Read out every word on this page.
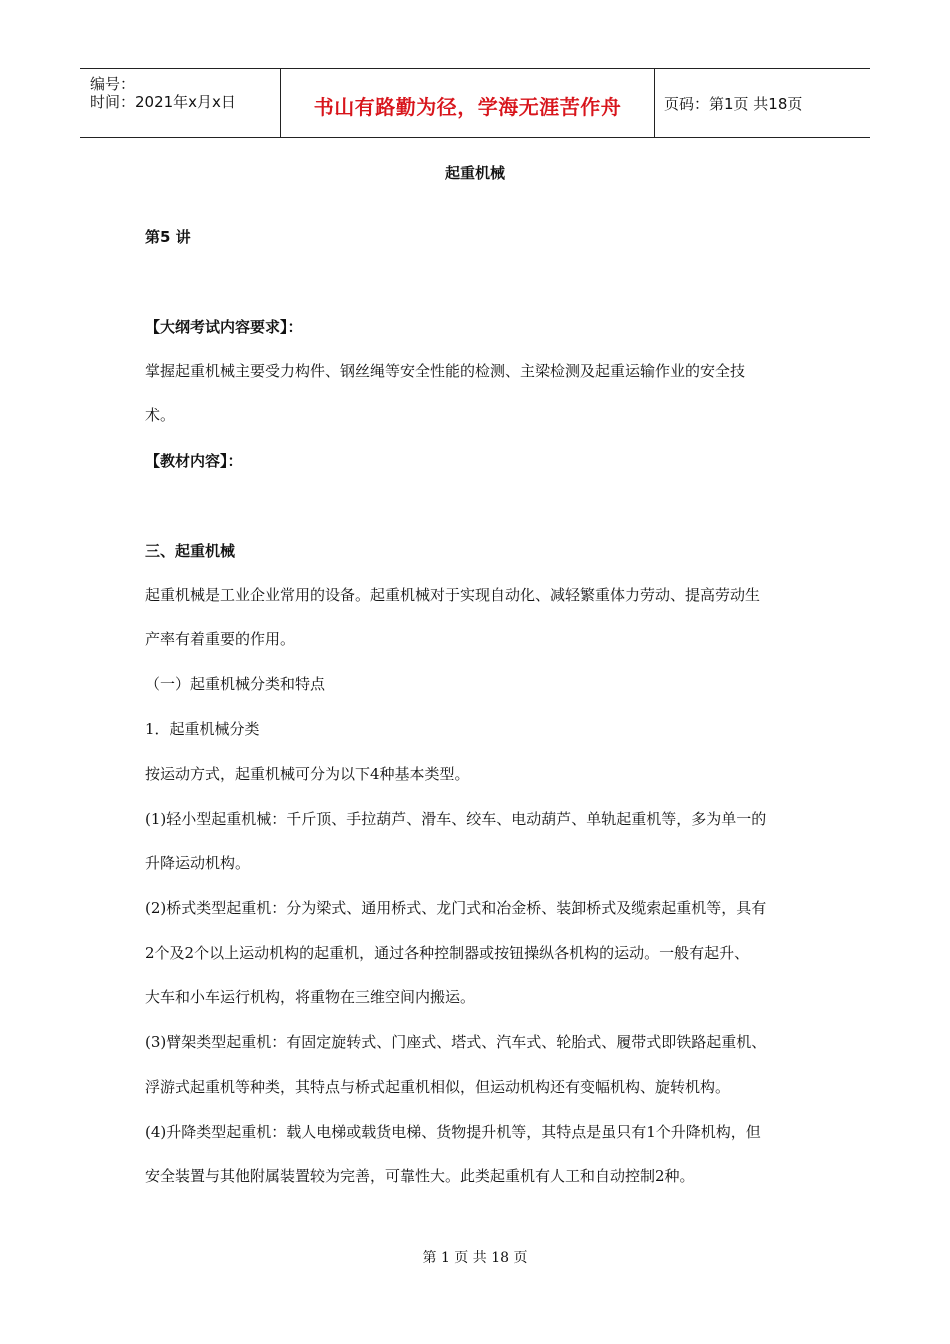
编号：
时间：2021年x月x日	书山有路勤为径，学海无涯苦作舟	页码：第1页 共18页
起重机械
第5 讲
【大纲考试内容要求】：
掌握起重机械主要受力构件、钢丝绳等安全性能的检测、主梁检测及起重运输作业的安全技
术。
【教材内容】：
三、起重机械
起重机械是工业企业常用的设备。起重机械对于实现自动化、减轻繁重体力劳动、提高劳动生
产率有着重要的作用。
（一）起重机械分类和特点
1．起重机械分类
按运动方式，起重机械可分为以下4种基本类型。
(1)轻小型起重机械：千斤顶、手拉葫芦、滑车、绞车、电动葫芦、单轨起重机等，多为单一的
升降运动机构。
(2)桥式类型起重机：分为梁式、通用桥式、龙门式和冶金桥、装卸桥式及缆索起重机等，具有
2个及2个以上运动机构的起重机，通过各种控制器或按钮操纵各机构的运动。一般有起升、
大车和小车运行机构，将重物在三维空间内搬运。
(3)臂架类型起重机：有固定旋转式、门座式、塔式、汽车式、轮胎式、履带式即铁路起重机、
浮游式起重机等种类，其特点与桥式起重机相似，但运动机构还有变幅机构、旋转机构。
(4)升降类型起重机：载人电梯或载货电梯、货物提升机等，其特点是虽只有1个升降机构，但
安全装置与其他附属装置较为完善，可靠性大。此类起重机有人工和自动控制2种。
第 1 页 共 18 页
